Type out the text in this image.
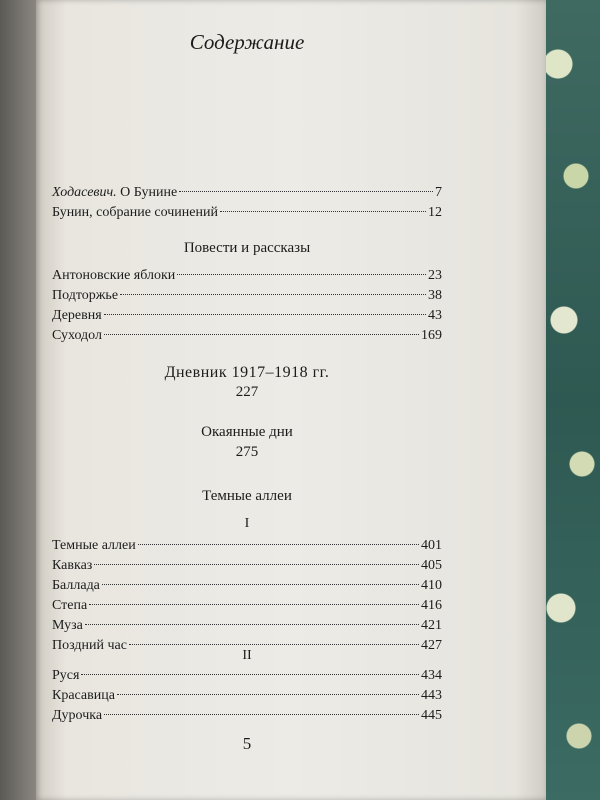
Содержание
Ходасевич. О Бунине	7
Бунин, собрание сочинений	12
Повести и рассказы
Антоновские яблоки	23
Подторжье	38
Деревня	43
Суходол	169
Дневник 1917–1918 гг.
227
Окаянные дни
275
Темные аллеи
I
Темные аллеи	401
Кавказ	405
Баллада	410
Степа	416
Муза	421
Поздний час	427
II
Руся	434
Красавица	443
Дурочка	445
5
